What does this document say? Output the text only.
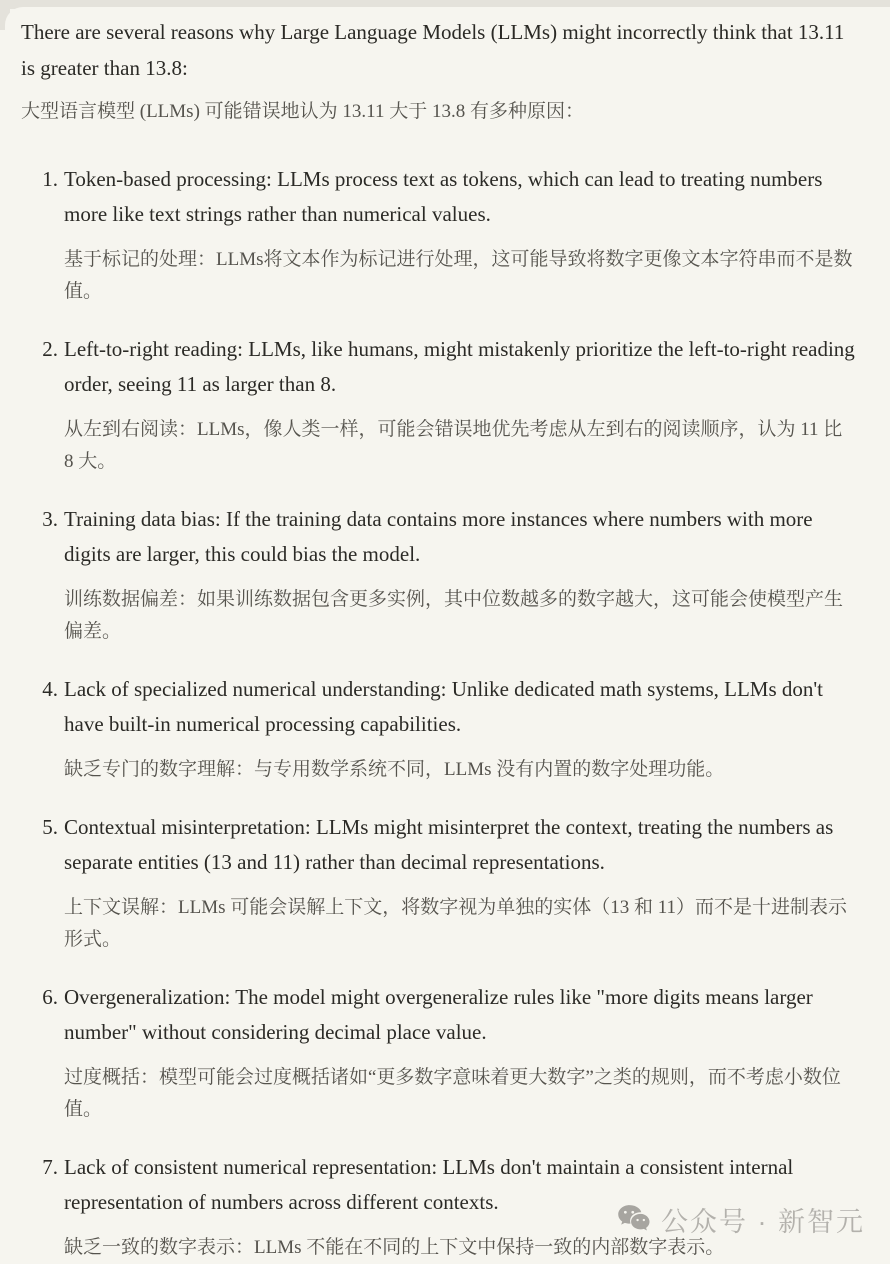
There are several reasons why Large Language Models (LLMs) might incorrectly think that 13.11 is greater than 13.8:

大型语言模型 (LLMs) 可能错误地认为 13.11 大于 13.8 有多种原因：

1. Token-based processing: LLMs process text as tokens, which can lead to treating numbers more like text strings rather than numerical values.

基于标记的处理：LLMs将文本作为标记进行处理，这可能导致将数字更像文本字符串而不是数值。

2. Left-to-right reading: LLMs, like humans, might mistakenly prioritize the left-to-right reading order, seeing 11 as larger than 8.

从左到右阅读：LLMs，像人类一样，可能会错误地优先考虑从左到右的阅读顺序，认为 11 比 8 大。

3. Training data bias: If the training data contains more instances where numbers with more digits are larger, this could bias the model.

训练数据偏差：如果训练数据包含更多实例，其中位数越多的数字越大，这可能会使模型产生偏差。

4. Lack of specialized numerical understanding: Unlike dedicated math systems, LLMs don't have built-in numerical processing capabilities.

缺乏专门的数字理解：与专用数学系统不同，LLMs 没有内置的数字处理功能。

5. Contextual misinterpretation: LLMs might misinterpret the context, treating the numbers as separate entities (13 and 11) rather than decimal representations.

上下文误解：LLMs 可能会误解上下文，将数字视为单独的实体（13 和 11）而不是十进制表示形式。

6. Overgeneralization: The model might overgeneralize rules like "more digits means larger number" without considering decimal place value.

过度概括：模型可能会过度概括诸如“更多数字意味着更大数字”之类的规则，而不考虑小数位值。

7. Lack of consistent numerical representation: LLMs don't maintain a consistent internal representation of numbers across different contexts.

缺乏一致的数字表示：LLMs 不能在不同的上下文中保持一致的内部数字表示。

公众号 · 新智元
